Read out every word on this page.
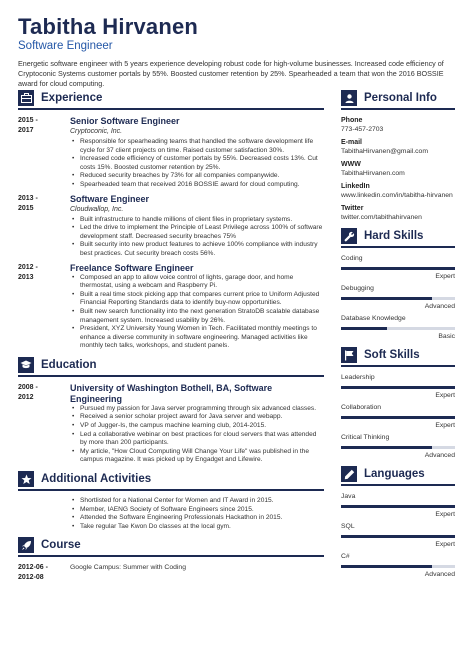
Tabitha Hirvanen
Software Engineer
Energetic software engineer with 5 years experience developing robust code for high-volume businesses. Increased code efficiency of Cryptoconic Systems customer portals by 55%. Boosted customer retention by 25%. Spearheaded a team that won the 2016 BOSSIE award for cloud computing.
Experience
2015 -
2017
Senior Software Engineer
Cryptoconic, Inc.
• Responsible for spearheading teams that handled the software development life cycle for 37 client projects on time. Raised customer satisfaction 30%.
• Increased code efficiency of customer portals by 55%. Decreased costs 13%. Cut costs 15%. Boosted customer retention by 25%.
• Reduced security breaches by 73% for all companies companywide.
• Spearheaded team that received 2016 BOSSIE award for cloud computing.
2013 -
2015
Software Engineer
Cloudwallop, Inc.
• Built infrastructure to handle millions of client files in proprietary systems.
• Led the drive to implement the Principle of Least Privilege across 100% of software development staff. Decreased security breaches 75%
• Built security into new product features to achieve 100% compliance with industry best practices. Cut security breach costs 56%.
2012 -
2013
Freelance Software Engineer
• Composed an app to allow voice control of lights, garage door, and home thermostat, using a webcam and Raspberry Pi.
• Built a real time stock picking app that compares current price to Uniform Adjusted Financial Reporting Standards data to identify buy-now opportunities.
• Built new search functionality into the next generation StratoDB scalable database management system. Increased usability by 26%.
• President, XYZ University Young Women in Tech. Facilitated monthly meetings to enhance a diverse community in software engineering. Managed activities like monthly tech talks, workshops, and student panels.
Education
2008 -
2012
University of Washington Bothell, BA, Software Engineering
• Pursued my passion for Java server programming through six advanced classes.
• Received a senior scholar project award for Java server and webapp.
• VP of Jugger-Is, the campus machine learning club, 2014-2015.
• Led a collaborative webinar on best practices for cloud servers that was attended by more than 200 participants.
• My article, "How Cloud Computing Will Change Your Life" was published in the campus magazine. It was picked up by Engadget and Lifewire.
Additional Activities
• Shortlisted for a National Center for Women and IT Award in 2015.
• Member, IAENG Society of Software Engineers since 2015.
• Attended the Software Engineering Professionals Hackathon in 2015.
• Take regular Tae Kwon Do classes at the local gym.
Course
2012-06 -
2012-08
Google Campus: Summer with Coding
Personal Info
Phone
773-457-2703
E-mail
TabithaHirvanen@gmail.com
WWW
TabithaHirvanen.com
LinkedIn
www.linkedin.com/in/tabitha-hirvanen
Twitter
twitter.com/tabithahirvanen
Hard Skills
Coding
Expert
Debugging
Advanced
Database Knowledge
Basic
Soft Skills
Leadership
Expert
Collaboration
Expert
Critical Thinking
Advanced
Languages
Java
Expert
SQL
Expert
C#
Advanced
